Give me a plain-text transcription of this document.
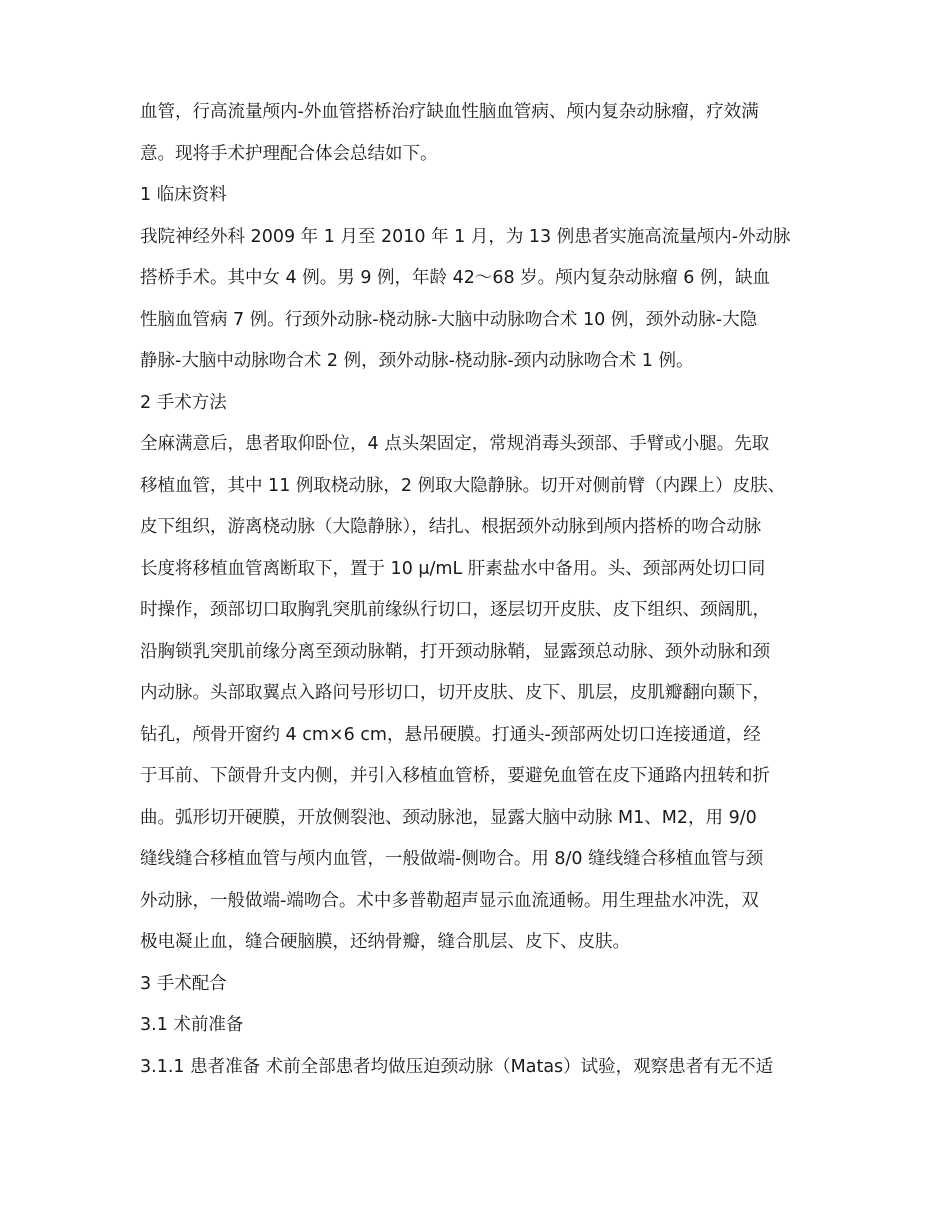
血管，行高流量颅内-外血管搭桥治疗缺血性脑血管病、颅内复杂动脉瘤，疗效满
意。现将手术护理配合体会总结如下。
1 临床资料
我院神经外科 2009 年 1 月至 2010 年 1 月，为 13 例患者实施高流量颅内-外动脉
搭桥手术。其中女 4 例。男 9 例，年龄 42～68 岁。颅内复杂动脉瘤 6 例，缺血
性脑血管病 7 例。行颈外动脉-桡动脉-大脑中动脉吻合术 10 例，颈外动脉-大隐
静脉-大脑中动脉吻合术 2 例，颈外动脉-桡动脉-颈内动脉吻合术 1 例。
2 手术方法
全麻满意后，患者取仰卧位，4 点头架固定，常规消毒头颈部、手臂或小腿。先取
移植血管，其中 11 例取桡动脉，2 例取大隐静脉。切开对侧前臂（内踝上）皮肤、
皮下组织，游离桡动脉（大隐静脉），结扎、根据颈外动脉到颅内搭桥的吻合动脉
长度将移植血管离断取下，置于 10 μ/mL 肝素盐水中备用。头、颈部两处切口同
时操作，颈部切口取胸乳突肌前缘纵行切口，逐层切开皮肤、皮下组织、颈阔肌，
沿胸锁乳突肌前缘分离至颈动脉鞘，打开颈动脉鞘，显露颈总动脉、颈外动脉和颈
内动脉。头部取翼点入路问号形切口，切开皮肤、皮下、肌层，皮肌瓣翻向颞下，
钻孔，颅骨开窗约 4 cm×6 cm，悬吊硬膜。打通头-颈部两处切口连接通道，经
于耳前、下颌骨升支内侧，并引入移植血管桥，要避免血管在皮下通路内扭转和折
曲。弧形切开硬膜，开放侧裂池、颈动脉池，显露大脑中动脉 M1、M2，用 9/0
缝线缝合移植血管与颅内血管，一般做端-侧吻合。用 8/0 缝线缝合移植血管与颈
外动脉，一般做端-端吻合。术中多普勒超声显示血流通畅。用生理盐水冲洗，双
极电凝止血，缝合硬脑膜，还纳骨瓣，缝合肌层、皮下、皮肤。
3 手术配合
3.1 术前准备
3.1.1 患者准备 术前全部患者均做压迫颈动脉（Matas）试验，观察患者有无不适
